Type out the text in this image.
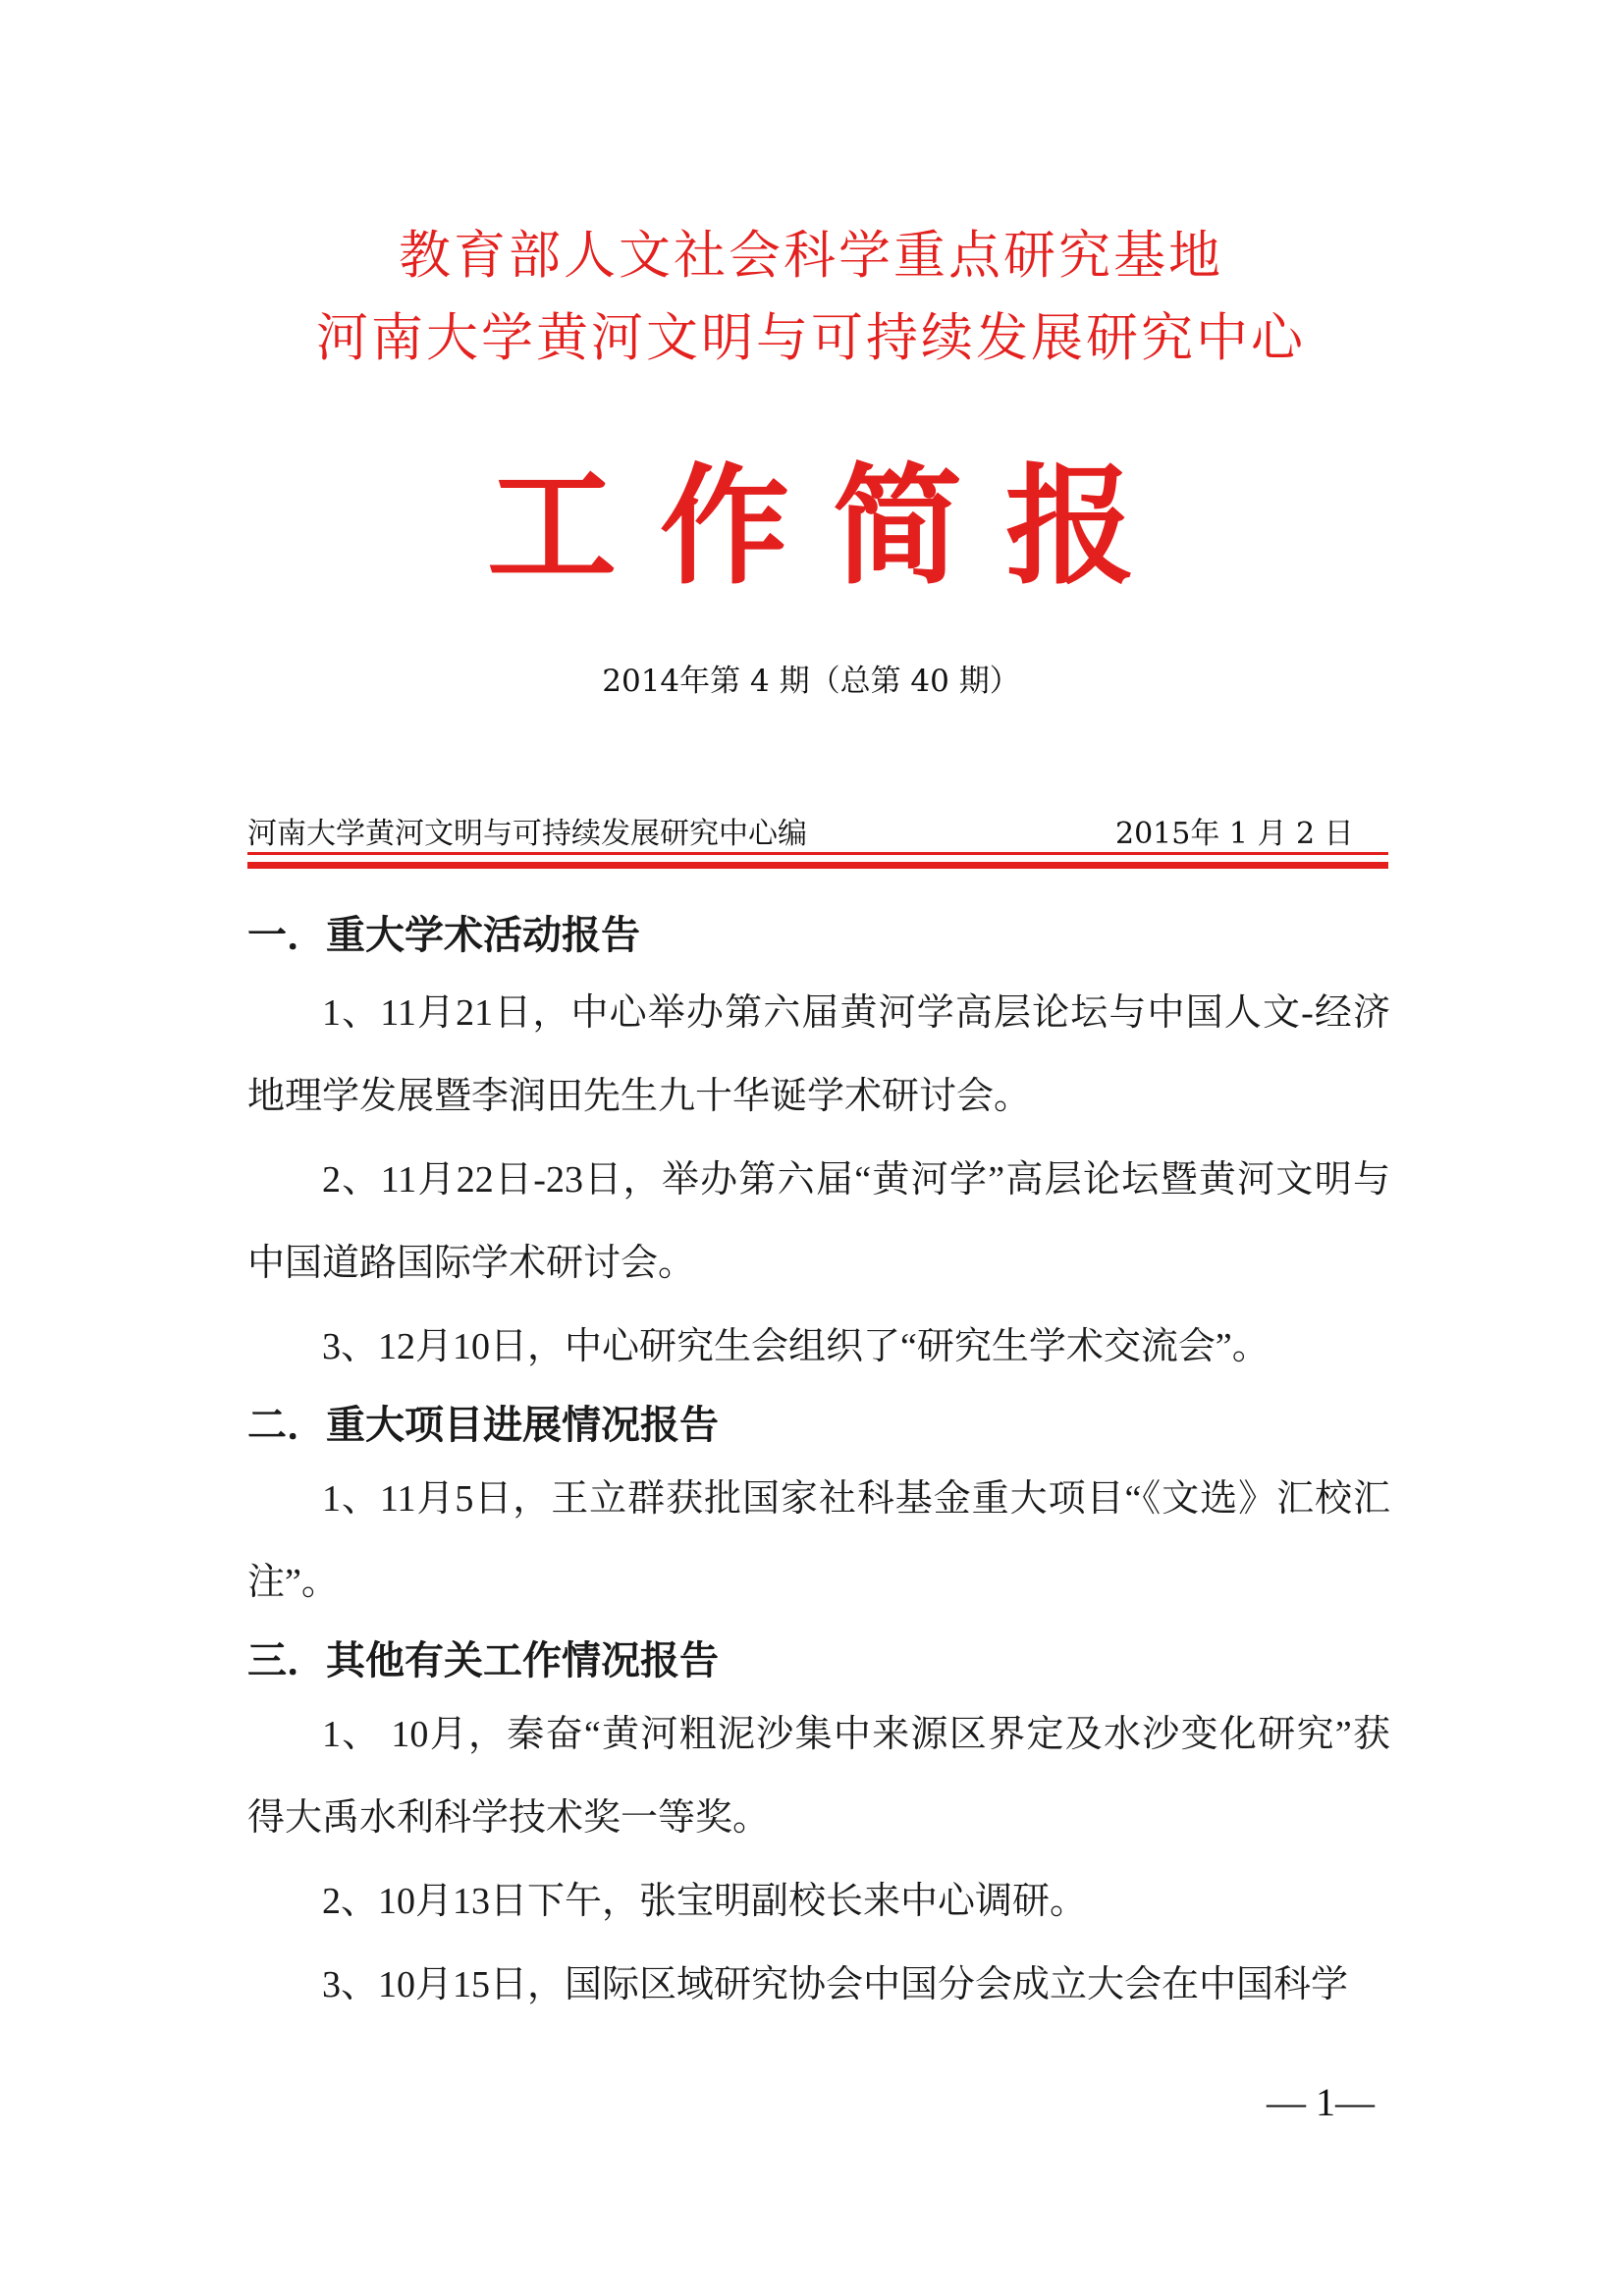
教育部人文社会科学重点研究基地
河南大学黄河文明与可持续发展研究中心
工 作 简 报
2014年第 4 期（总第 40 期）
河南大学黄河文明与可持续发展研究中心编	2015年 1 月 2 日
一．重大学术活动报告

1、11月21日，中心举办第六届黄河学高层论坛与中国人文-经济地理学发展暨李润田先生九十华诞学术研讨会。

2、11月22日-23日，举办第六届“黄河学”高层论坛暨黄河文明与中国道路国际学术研讨会。

3、12月10日，中心研究生会组织了“研究生学术交流会”。

二．重大项目进展情况报告

1、11月5日，王立群获批国家社科基金重大项目“《文选》汇校汇注”。

三．其他有关工作情况报告

1、 10月，秦奋“黄河粗泥沙集中来源区界定及水沙变化研究”获得大禹水利科学技术奖一等奖。

2、10月13日下午，张宝明副校长来中心调研。

3、10月15日，国际区域研究协会中国分会成立大会在中国科学

— 1—
